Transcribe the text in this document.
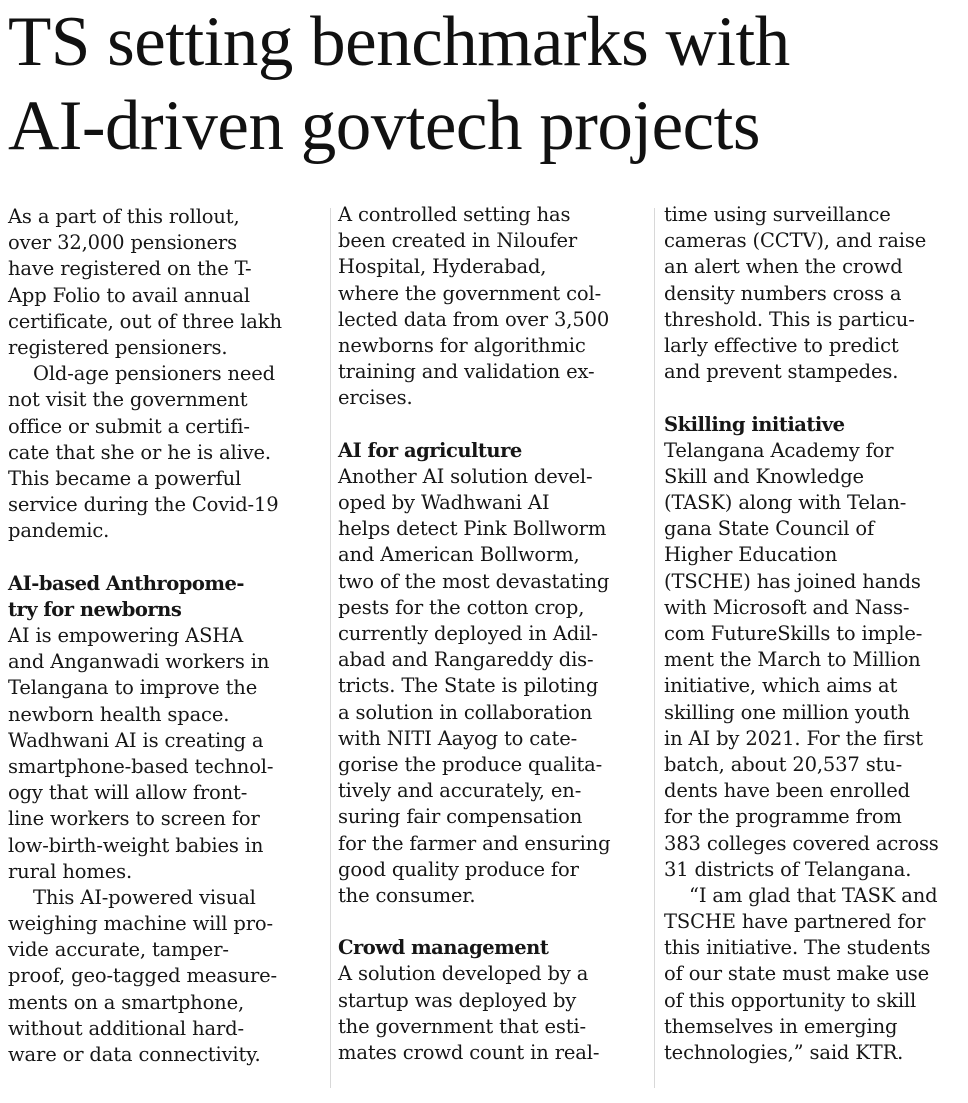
TS setting benchmarks with
AI-driven govtech projects
As a part of this rollout,
over 32,000 pensioners
have registered on the T-
App Folio to avail annual
certificate, out of three lakh
registered pensioners.
Old-age pensioners need
not visit the government
office or submit a certifi-
cate that she or he is alive.
This became a powerful
service during the Covid-19
pandemic.
AI-based Anthropome-
try for newborns
AI is empowering ASHA
and Anganwadi workers in
Telangana to improve the
newborn health space.
Wadhwani AI is creating a
smartphone-based technol-
ogy that will allow front-
line workers to screen for
low-birth-weight babies in
rural homes.
This AI-powered visual
weighing machine will pro-
vide accurate, tamper-
proof, geo-tagged measure-
ments on a smartphone,
without additional hard-
ware or data connectivity.
A controlled setting has
been created in Niloufer
Hospital, Hyderabad,
where the government col-
lected data from over 3,500
newborns for algorithmic
training and validation ex-
ercises.
AI for agriculture
Another AI solution devel-
oped by Wadhwani AI
helps detect Pink Bollworm
and American Bollworm,
two of the most devastating
pests for the cotton crop,
currently deployed in Adil-
abad and Rangareddy dis-
tricts. The State is piloting
a solution in collaboration
with NITI Aayog to cate-
gorise the produce qualita-
tively and accurately, en-
suring fair compensation
for the farmer and ensuring
good quality produce for
the consumer.
Crowd management
A solution developed by a
startup was deployed by
the government that esti-
mates crowd count in real-
time using surveillance
cameras (CCTV), and raise
an alert when the crowd
density numbers cross a
threshold. This is particu-
larly effective to predict
and prevent stampedes.
Skilling initiative
Telangana Academy for
Skill and Knowledge
(TASK) along with Telan-
gana State Council of
Higher Education
(TSCHE) has joined hands
with Microsoft and Nass-
com FutureSkills to imple-
ment the March to Million
initiative, which aims at
skilling one million youth
in AI by 2021. For the first
batch, about 20,537 stu-
dents have been enrolled
for the programme from
383 colleges covered across
31 districts of Telangana.
“I am glad that TASK and
TSCHE have partnered for
this initiative. The students
of our state must make use
of this opportunity to skill
themselves in emerging
technologies,” said KTR.
